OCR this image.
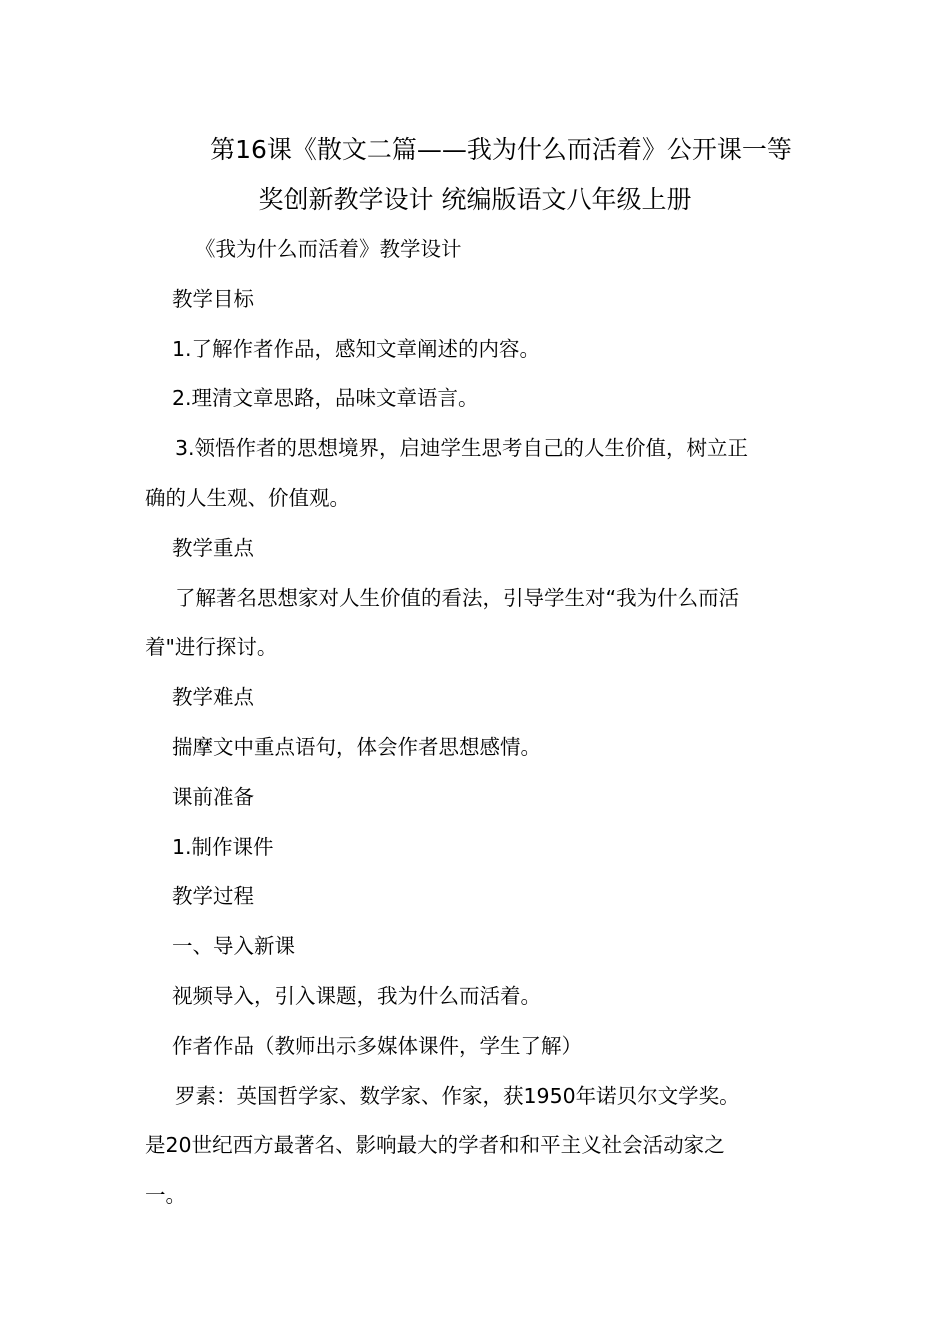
第16课《散文二篇——我为什么而活着》公开课一等
奖创新教学设计 统编版语文八年级上册
《我为什么而活着》教学设计
教学目标
1.了解作者作品，感知文章阐述的内容。
2.理清文章思路，品味文章语言。
3.领悟作者的思想境界，启迪学生思考自己的人生价值，树立正
确的人生观、价值观。
教学重点
了解著名思想家对人生价值的看法，引导学生对“我为什么而活
着"进行探讨。
教学难点
揣摩文中重点语句，体会作者思想感情。
课前准备
1.制作课件
教学过程
一、导入新课
视频导入，引入课题，我为什么而活着。
作者作品（教师出示多媒体课件，学生了解）
罗素：英国哲学家、数学家、作家，获1950年诺贝尔文学奖。
是20世纪西方最著名、影响最大的学者和和平主义社会活动家之
一。
